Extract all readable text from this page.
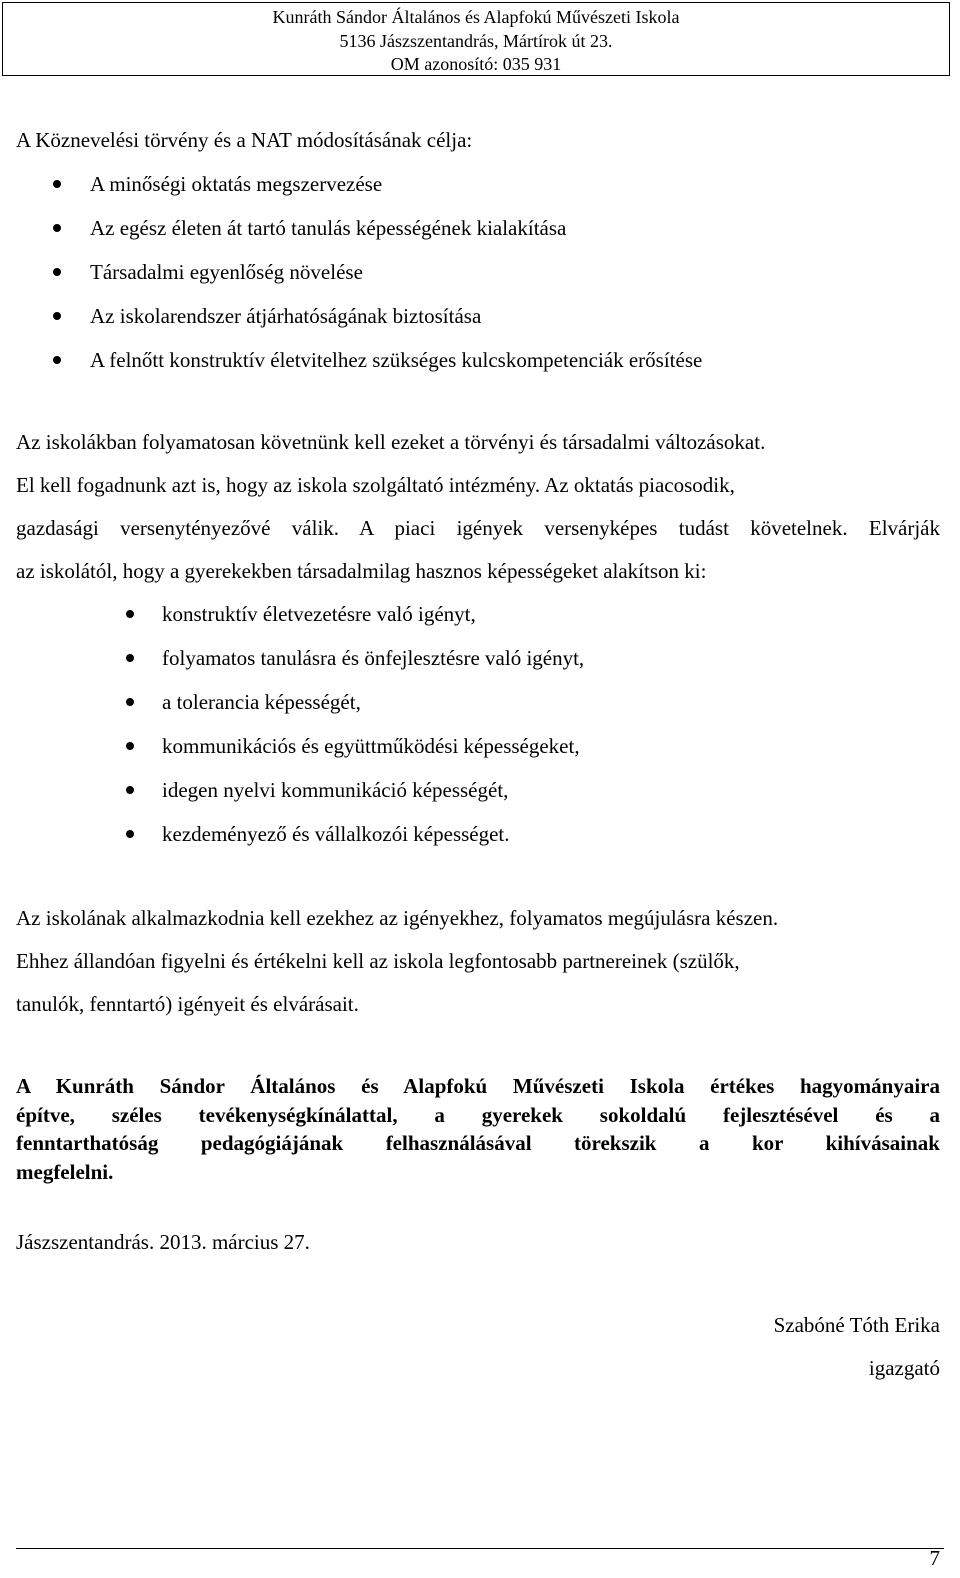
Kunráth Sándor Általános és Alapfokú Művészeti Iskola
5136 Jászszentandrás, Mártírok út 23.
OM azonosító: 035 931
A Köznevelési törvény és a NAT módosításának célja:
A minőségi oktatás megszervezése
Az egész életen át tartó tanulás képességének kialakítása
Társadalmi egyenlőség növelése
Az iskolarendszer átjárhatóságának biztosítása
A felnőtt konstruktív életvitelhez szükséges kulcskompetenciák erősítése
Az iskolákban folyamatosan követnünk kell ezeket a törvényi és társadalmi változásokat.
El kell fogadnunk azt is, hogy az iskola szolgáltató intézmény. Az oktatás piacosodik,
gazdasági versenytényezővé válik. A piaci igények versenyképes tudást követelnek. Elvárják
az iskolától, hogy a gyerekekben társadalmilag hasznos képességeket alakítson ki:
konstruktív életvezetésre való igényt,
folyamatos tanulásra és önfejlesztésre való igényt,
a tolerancia képességét,
kommunikációs és együttműködési képességeket,
idegen nyelvi kommunikáció képességét,
kezdeményező és vállalkozói képességet.
Az iskolának alkalmazkodnia kell ezekhez az igényekhez, folyamatos megújulásra készen.
Ehhez állandóan figyelni és értékelni kell az iskola legfontosabb partnereinek (szülők,
tanulók, fenntartó) igényeit és elvárásait.
A Kunráth Sándor Általános és Alapfokú Művészeti Iskola értékes hagyományaira
építve, széles tevékenységkínálattal, a gyerekek sokoldalú fejlesztésével és a
fenntarthatóság pedagógiájának felhasználásával törekszik a kor kihívásainak
megfelelni.
Jászszentandrás. 2013. március 27.
Szabóné Tóth Erika
igazgató
7
